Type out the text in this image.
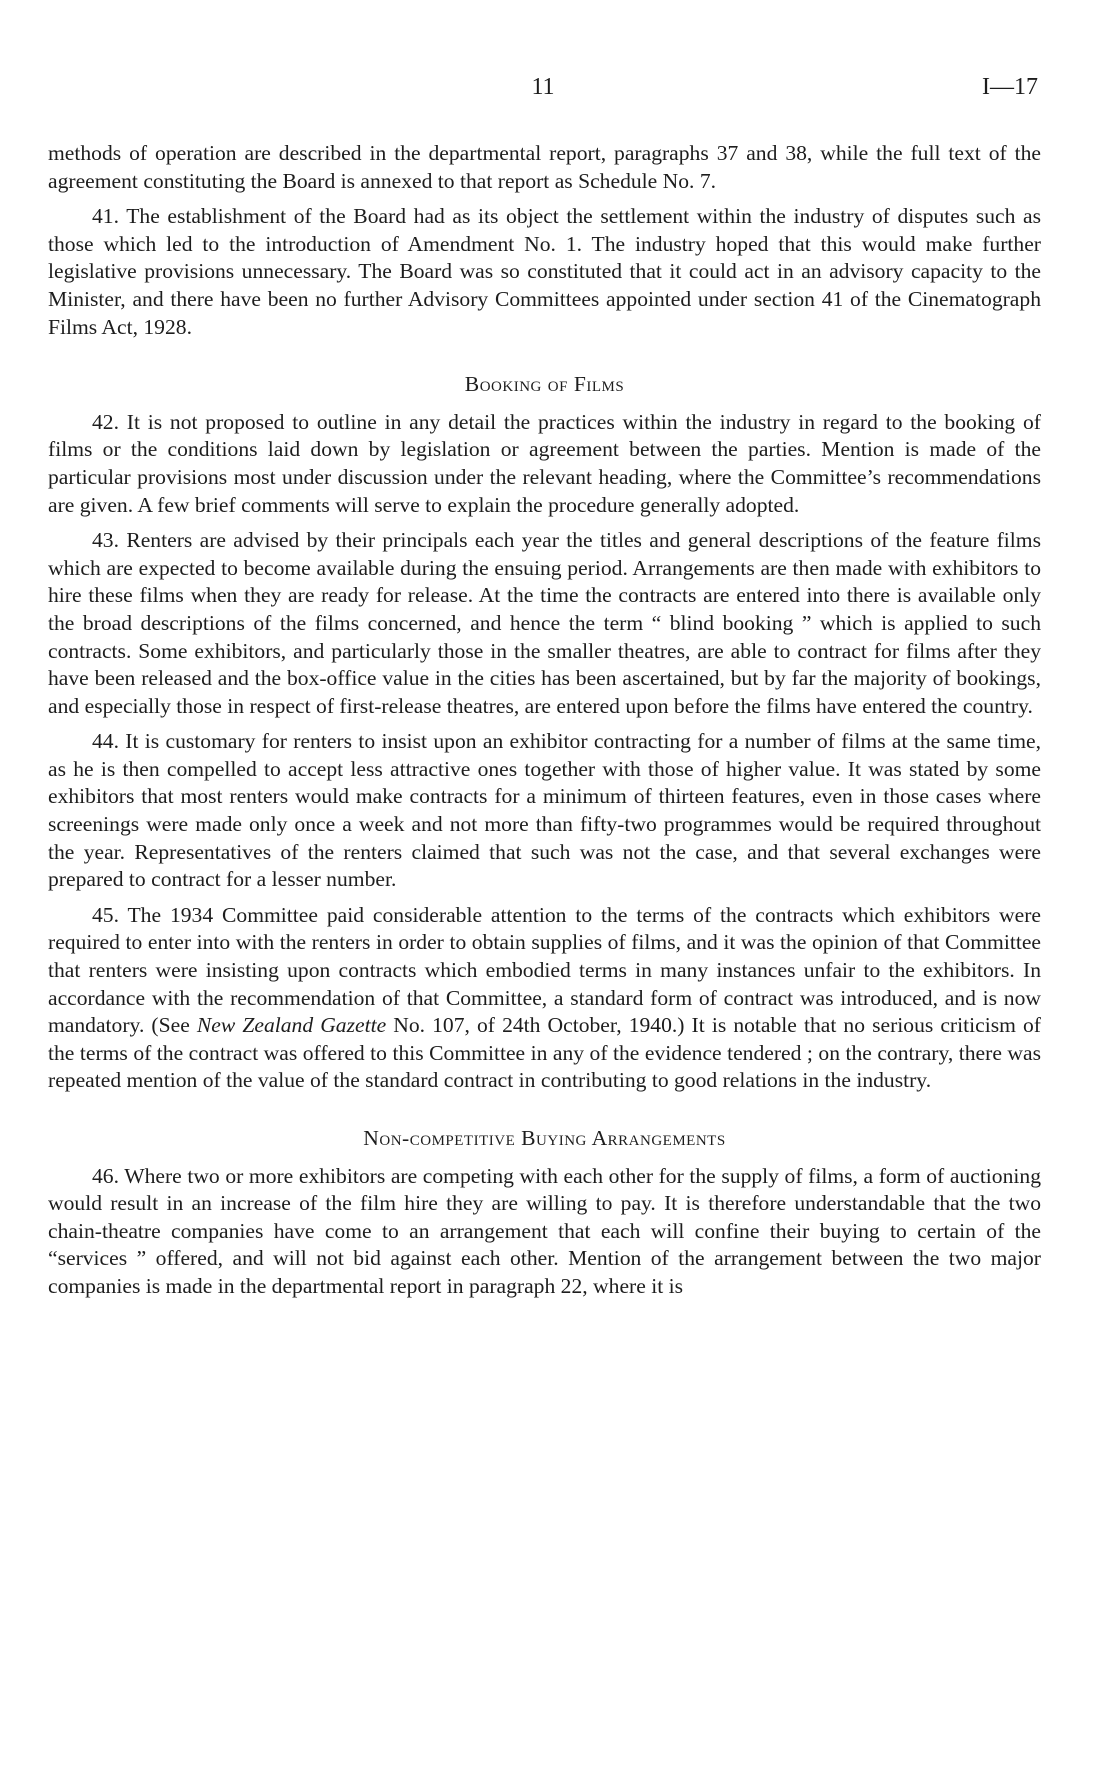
11	I—17

methods of operation are described in the departmental report, paragraphs 37 and 38, while the full text of the agreement constituting the Board is annexed to that report as Schedule No. 7.

41. The establishment of the Board had as its object the settlement within the industry of disputes such as those which led to the introduction of Amendment No. 1. The industry hoped that this would make further legislative provisions unnecessary. The Board was so constituted that it could act in an advisory capacity to the Minister, and there have been no further Advisory Committees appointed under section 41 of the Cinematograph Films Act, 1928.

Booking of Films

42. It is not proposed to outline in any detail the practices within the industry in regard to the booking of films or the conditions laid down by legislation or agreement between the parties. Mention is made of the particular provisions most under discussion under the relevant heading, where the Committee’s recommendations are given. A few brief comments will serve to explain the procedure generally adopted.

43. Renters are advised by their principals each year the titles and general descriptions of the feature films which are expected to become available during the ensuing period. Arrangements are then made with exhibitors to hire these films when they are ready for release. At the time the contracts are entered into there is available only the broad descriptions of the films concerned, and hence the term “ blind booking ” which is applied to such contracts. Some exhibitors, and particularly those in the smaller theatres, are able to contract for films after they have been released and the box-office value in the cities has been ascertained, but by far the majority of bookings, and especially those in respect of first-release theatres, are entered upon before the films have entered the country.

44. It is customary for renters to insist upon an exhibitor contracting for a number of films at the same time, as he is then compelled to accept less attractive ones together with those of higher value. It was stated by some exhibitors that most renters would make contracts for a minimum of thirteen features, even in those cases where screenings were made only once a week and not more than fifty-two programmes would be required throughout the year. Representatives of the renters claimed that such was not the case, and that several exchanges were prepared to contract for a lesser number.

45. The 1934 Committee paid considerable attention to the terms of the contracts which exhibitors were required to enter into with the renters in order to obtain supplies of films, and it was the opinion of that Committee that renters were insisting upon contracts which embodied terms in many instances unfair to the exhibitors. In accordance with the recommendation of that Committee, a standard form of contract was introduced, and is now mandatory. (See New Zealand Gazette No. 107, of 24th October, 1940.) It is notable that no serious criticism of the terms of the contract was offered to this Committee in any of the evidence tendered ; on the contrary, there was repeated mention of the value of the standard contract in contributing to good relations in the industry.

Non-competitive Buying Arrangements

46. Where two or more exhibitors are competing with each other for the supply of films, a form of auctioning would result in an increase of the film hire they are willing to pay. It is therefore understandable that the two chain-theatre companies have come to an arrangement that each will confine their buying to certain of the “services ” offered, and will not bid against each other. Mention of the arrangement between the two major companies is made in the departmental report in paragraph 22, where it is
